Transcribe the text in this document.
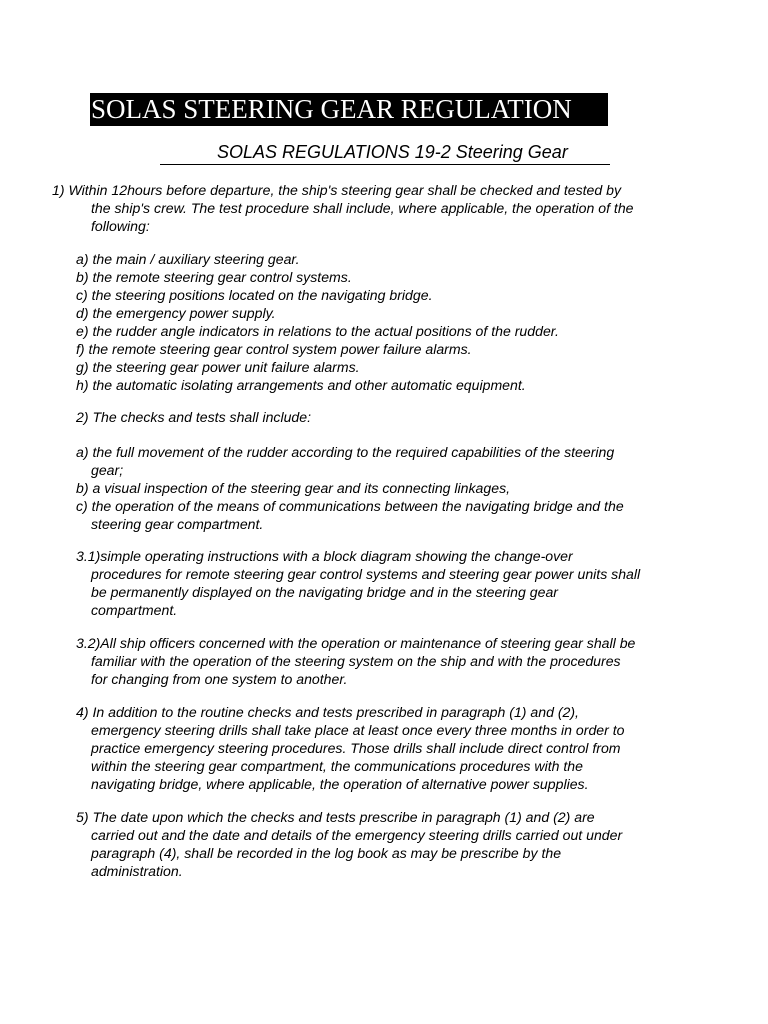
SOLAS STEERING GEAR REGULATION
SOLAS REGULATIONS 19-2 Steering Gear

1) Within 12hours before departure, the ship's steering gear shall be checked and tested by
the ship's crew. The test procedure shall include, where applicable, the operation of the
following:

a) the main / auxiliary steering gear.
b) the remote steering gear control systems.
c) the steering positions located on the navigating bridge.
d) the emergency power supply.
e) the rudder angle indicators in relations to the actual positions of the rudder.
f) the remote steering gear control system power failure alarms.
g) the steering gear power unit failure alarms.
h) the automatic isolating arrangements and other automatic equipment.

2) The checks and tests shall include:

a) the full movement of the rudder according to the required capabilities of the steering
gear;
b) a visual inspection of the steering gear and its connecting linkages,
c) the operation of the means of communications between the navigating bridge and the
steering gear compartment.

3.1)simple operating instructions with a block diagram showing the change-over
procedures for remote steering gear control systems and steering gear power units shall
be permanently displayed on the navigating bridge and in the steering gear
compartment.

3.2)All ship officers concerned with the operation or maintenance of steering gear shall be
familiar with the operation of the steering system on the ship and with the procedures
for changing from one system to another.

4) In addition to the routine checks and tests prescribed in paragraph (1) and (2),
emergency steering drills shall take place at least once every three months in order to
practice emergency steering procedures. Those drills shall include direct control from
within the steering gear compartment, the communications procedures with the
navigating bridge, where applicable, the operation of alternative power supplies.

5) The date upon which the checks and tests prescribe in paragraph (1) and (2) are
carried out and the date and details of the emergency steering drills carried out under
paragraph (4), shall be recorded in the log book as may be prescribe by the
administration.
